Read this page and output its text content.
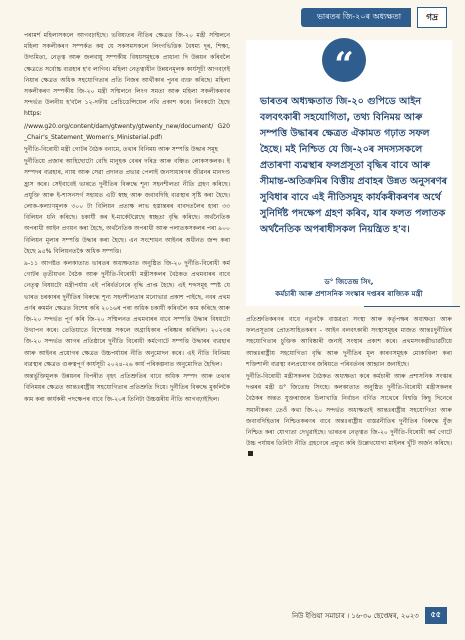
ভাৰতৰ জি-২০ৰ অধ্যক্ষতা	গদ্ৰ

পৰামৰ্শ মহিলাসকলে আগবঢ়াইছে। ভবিষ্যতৰ নীতিৰ ক্ষেত্ৰত জি-২০ মন্ত্ৰী সম্মিলনে মহিলা সকলীকৰণ সম্পৰ্কত কয় যে সকসমসকলে লিংগভিত্তিক বৈষম্য দূৰ, শিক্ষা, উদ্যমিতা, নেতৃত্ব আৰু জলবায়ু সম্পৰ্কীয় বিষয়সমূহকে প্ৰাধান্য দি উন্নয়ন কৰিবলৈ ক্ষেত্ৰতে সৰ্বোচ্চ ব্যৱহাৰ হ'ব লাগিব। মহিলা নেতৃত্বাধীন উন্নয়নমূলক কাৰ্যসূচী আগবঢ়াই নিয়াৰ ক্ষেত্ৰত অধিক সহযোগিতাৰ প্ৰতি নিজৰ আৰ্থীকাৰ পুনৰ ব্যক্ত কৰিছে। মহিলা সকলীকৰণ সম্পৰ্কীয় জি-২০ মন্ত্ৰী সম্মিলনে লিংগ সমতা আৰু মহিলা সকলীকৰণৰ সন্দৰ্ভত উলনীয় হ'বলৈ ১২-দফীয় প্ৰেচিডেন্সিয়েল নথি প্ৰকাশ কৰে। লিংকটো হৈছে https:

//www.g20.org/content/dam/gtwenty/gtwenty_new/document/ G20_Chair's_Statement_Women's_Ministerial.pdf।

দুৰ্নীতি-বিৰোধী মন্ত্ৰী গোটৰ বৈঠক বনামে, তথাৰ বিনিময় আৰু সম্পত্তি উদ্ধাৰ সমূহ

দুৰ্নীতিয়ে প্ৰজাৰ আহিছোটো বেছি মানুহক বেৰৰ দৰিদ্ৰ আৰু বঞ্চিত লোকসকলক। ই সম্পদৰ ব্যৱহাৰ, ন্যায় আৰু সেৱা প্ৰদানত প্ৰভাৱ পেলাই জনসাধাৰণৰ জীৱনৰ মানদণ্ড হ্ৰাস কৰে। সেইবাবেই ভাৰতে দুৰ্নীতিৰ বিৰুদ্ধে শূন্য সহনশীলতা নীতি গ্ৰহণ কৰিছে। প্ৰযুক্তি আৰু ই-শাসনসৰ্গ সহায়ত এটি স্বচ্ছ আৰু জবাবদিহি ব্যৱস্থাৰ সৃষ্টি কৰা হৈছে। লোক-কল্যাণমূলক ৩০০ টা বিলিয়ন প্ৰত্যক্ষ লাভ হস্তান্তৰৰ বাবদতলৈৰ হাৰা ৩৩ বিলিয়ন ধনি কৰিছে। চকাৰ্যী কৰ ই-মাৰ্কেটপ্লেছে স্বচ্ছতা বৃদ্ধি কৰিছে। অৰ্থনৈতিক অপৰাধী আইন প্ৰণয়ন কৰা হৈছে, অৰ্থনৈতিক অপৰাধী আৰু পলাতকসকলৰ পৰা ৯০০ বিলিয়ন মূল্যৰ সম্পত্তি উদ্ধাৰ কৰা হৈছে। এন সংশোধন আইনৰ অধীনত জন্দ কৰা হৈছে ৯৫% বিলিয়নতকৈ অধিক সম্পত্তি।

৯-১১ আগষ্টত কলকাতাত ভাৰতৰ অধ্যক্ষতাত অনুষ্ঠিত জি-২০ দুৰ্নীতি-বিৰোধী কৰ্ম গোটৰ তৃতীয়খন বৈঠক আৰু দুৰ্নীতি-বিৰোধী মন্ত্ৰীসকলৰ বৈঠকত প্ৰথমবাৰৰ বাবে নেতৃত্ব বিষয়টো মন্ত্ৰীপৰ্যায় এই পৰিৰ্বৰ্তনেৰে বৃদ্ধি প্ৰাপ্ত হৈছে। এই শব্দসমূহ স্পষ্ট যে ভাৰত চৰকাৰৰ দুৰ্নীতিৰ বিৰুদ্ধে শূন্য সহনশীলতাৰ মনোভাৱ প্ৰকাশ পাইছে, নবৰ প্ৰথম প্ৰৰ্ণৰ ৰুমৰ্মন ক্ষেত্ৰত বিশেষ কৰি ২০১৬ৰ পৰা অধিক চকাৰ্যী কৰিবলৈ কাম কৰিছে আৰু জি-২০ সন্দৰ্ভত পূৰ্ণ কৰি জি-২০ সম্মিলনত প্ৰথমবাৰৰ বাবে সম্পত্তি উদ্ধাৰ বিষয়টো উত্থাপন কৰে। তেতিয়াতে বিশেষজ্ঞ সকলে অগ্ৰাধিকাৰ পৰিষ্কাৰ কৰিছিল। ২০২৩ৰ জি-২০ সন্দৰ্ভত আগৰ প্ৰতিষ্ঠাৰে দুৰ্নীতি বিৰোধী কৰ্মগোটে সম্পত্তি উদ্ধাৰৰ ব্যৱহাৰ আৰু আইনৰ প্ৰয়োগৰ ক্ষেত্ৰত উচ্চপৰ্যায়ৰ নীতি অনুমোদন কৰে। এই নীতি বিনিময় ব্যৱস্থাৰ ক্ষেত্ৰত গুৰুত্বপূৰ্ণ কাৰ্যসূচী ২০২৪-২৬ কাৰ্য পৰিকল্পনাত অনুমোদিত হৈছিল।

অন্তৰ্ভুক্তিমূলক উন্নয়নৰ বিপৰীত বৃহৎ প্ৰতিশ্ৰুতিৰ বাবে অধিক সম্পদ আৰু তথ্যৰ বিনিময়ৰ ক্ষেত্ৰত আন্তঃৰাষ্ট্ৰীয় সহযোগিতাৰ প্ৰতিশ্ৰুতি দিয়ে। দুৰ্নীতিৰ বিৰুদ্ধে মুকলিকৈ কাম কৰা কাৰ্যকৰী পদক্ষেপৰ বাবে জি-২০ৰ তিনিটা উচ্চস্তৰীয় নীতি আগবঢ়াইছিল।

“
ভাৰতৰ অধ্যক্ষতাত জি-২০ গুপিডে আইন বলবৎকাৰী সহযোগিতা, তথ্য বিনিময় আৰু সম্পত্তি উদ্ধাৰৰ ক্ষেত্ৰত ঐকামত গঢ়াত সফল হৈছে। মই নিশ্চিত যে জি-২০ৰ সদস্যসকলে প্ৰতাৰণা ব্যৱস্থাৰ ফলপ্ৰসূতা বৃদ্ধিৰ বাবে আৰু সীমান্ত-অতিক্ৰমিৰ বিত্তীয় প্ৰবাহৰ উন্নত অনুসৰণৰ সুবিধাৰ বাবে এই নীতিসমূহ কাৰ্যকৰীকৰণৰ অৰ্থে সুনিৰ্দিষ্ট পদক্ষেপ গ্ৰহণ কৰিব, যাৰ ফলত পলাতক অৰ্থনৈতিক অপৰাধীসকল নিয়ন্ত্ৰিত হ'ব।
ড° জিতেন্দ্ৰ সিং,
কৰ্মচাৰী আৰু প্ৰশাসনিক সংস্কাৰ দপ্তৰৰ ৰাজ্যিক মন্ত্ৰী

প্ৰতিশ্ৰুতিকৰণৰ বাবে নতুনকৈ বাস্তৱতা সংস্থা আৰু কৰ্তৃপক্ষৰ অধ্যক্ষতা আৰু ফলপ্ৰসূতাৰ প্ৰোতসাহিতকৰণ - আইন বলবৎকাৰী সংস্থাসমূহৰ মাজত আন্তঃদুৰ্নীতিৰ সহযোগিতাৰ চুক্তিক আবিষ্কাৰী জনাই সংস্থাৰ প্ৰকাশ কৰে। প্ৰথমসংকল্পীভাৱটীয়ে আন্তঃৰাষ্ট্ৰীয় সহযোগিতা বৃদ্ধি আৰু দুৰ্নীতিৰ মূল কাৰণসমূহক মোকাবিলা কৰা শক্তিশালী ব্যৱস্থা বলপ্ৰয়োগৰ জৰিয়তে পৰিবৰ্তনৰ আহ্বান জনাইছে।

দুৰ্নীতি-বিৰোধী মন্ত্ৰীসকলৰ বৈঠকত অধ্যক্ষতা কৰে কৰ্মচাৰী আৰু প্ৰশাসনিক সংস্কাৰ দপ্তৰৰ মন্ত্ৰী ড° জিতেন্দ্ৰ সিংহে। কলকাতাত অনুষ্ঠিত দুৰ্নীতি-বিৰোধী মন্ত্ৰীসকলৰ বৈঠকৰ অন্তত যুক্তৰাজ্যৰ চিলাখাত্তি নিৰ্বাচন বৰ্ণিত সাথেৰে বিশ্বত্তি কিছু দিনেৰে সমানীকৰণ তেওঁ কথা জি-২০ সন্দৰ্ভত অধ্যক্ষতাই আন্তঃৰাষ্ট্ৰীয় সহযোগিতা আৰু জবাবদিহিতাৰ নিশ্চিতকৰণৰ বাবে অন্তঃৰাষ্ট্ৰীয় বাস্তৱনীতিৰ দুৰ্নীতিৰ বিৰুদ্ধে যুঁজ নিশ্চিত কৰা যোগ্যতা দেখুৱাইছে। ভাৰতৰ নেতৃত্বত জি-২০ দুৰ্নীতি-বিৰোধী কৰ্ম গোটে উচ্চ পৰ্যায়ৰ তিনিটা নীতি গ্ৰহণেৰে প্ৰমুখ্য কৰি উল্লেখযোগ্য মাইলৰ খুঁটি অৰ্জন কৰিছে।

নিউ ইণ্ডিয়া সমাচাৰ । ১৬-৩০ ছেপ্তেম্বৰ, ২০২৩	৫৫
